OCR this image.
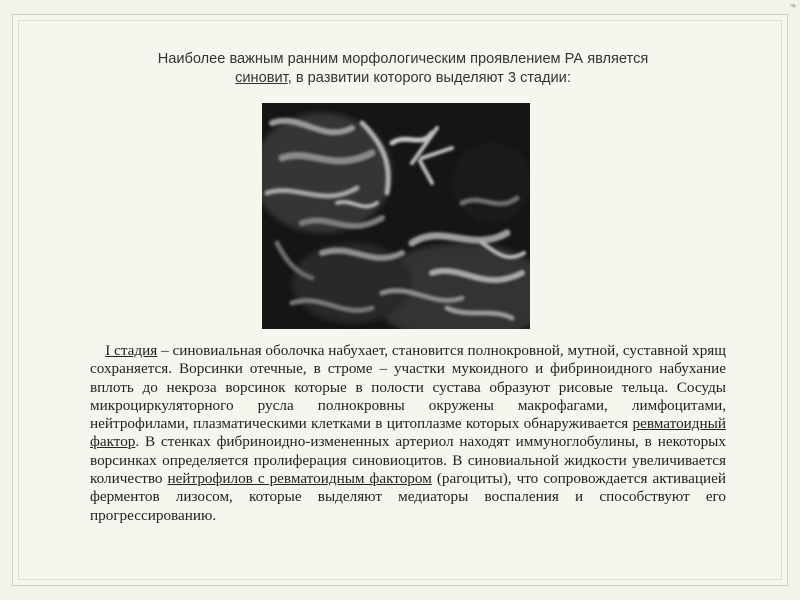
❧
Наиболее важным ранним морфологическим проявлением РА является
синовит, в развитии которого выделяют 3 стадии:
I стадия – синовиальная оболочка набухает, становится полнокровной, мутной, суставной хрящ сохраняется. Ворсинки отечные, в строме – участки мукоидного и фибриноидного набухание вплоть до некроза ворсинок которые в полости сустава образуют рисовые тельца. Сосуды микроциркуляторного русла полнокровны окружены макрофагами, лимфоцитами, нейтрофилами, плазматическими клетками в цитоплазме которых обнаруживается ревматоидный фактор. В стенках фибриноидно-измененных артериол находят иммуноглобулины, в некоторых ворсинках определяется пролиферация синовиоцитов. В синовиальной жидкости увеличивается количество нейтрофилов с ревматоидным фактором (рагоциты), что сопровождается активацией ферментов лизосом, которые выделяют медиаторы воспаления и способствуют его прогрессированию.
